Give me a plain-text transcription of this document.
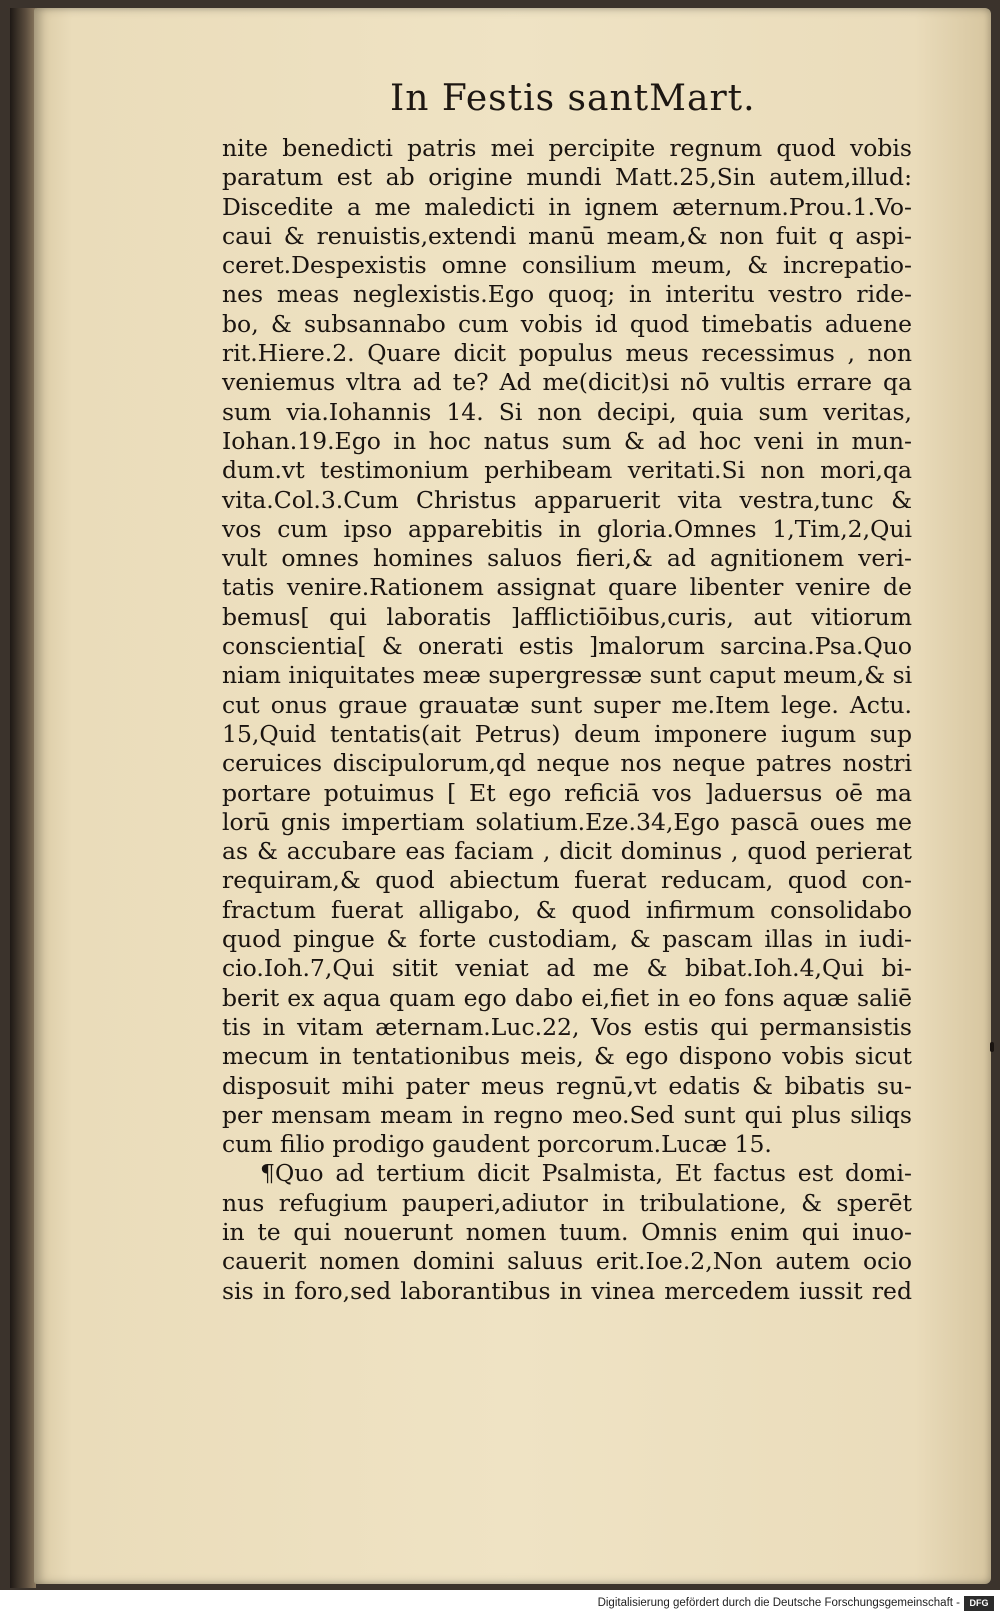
In Festis santMart.
nite benedicti patris mei percipite regnum quod vobis
paratum est ab origine mundi Matt.25,Sin autem,illud:
Discedite a me maledicti in ignem æternum.Prou.1.Vo-
caui & renuistis,extendi manū meam,& non fuit q aspi-
ceret.Despexistis omne consilium meum, & increpatio-
nes meas neglexistis.Ego quoq; in interitu vestro ride-
bo, & subsannabo cum vobis id quod timebatis aduene
rit.Hiere.2. Quare dicit populus meus recessimus , non
veniemus vltra ad te? Ad me(dicit)si nō vultis errare qa
sum via.Iohannis 14. Si non decipi, quia sum veritas,
Iohan.19.Ego in hoc natus sum & ad hoc veni in mun-
dum.vt testimonium perhibeam veritati.Si non mori,qa
vita.Col.3.Cum Christus apparuerit vita vestra,tunc &
vos cum ipso apparebitis in gloria.Omnes 1,Tim,2,Qui
vult omnes homines saluos fieri,& ad agnitionem veri-
tatis venire.Rationem assignat quare libenter venire de
bemus[ qui laboratis ]afflictiōibus,curis, aut vitiorum
conscientia[ & onerati estis ]malorum sarcina.Psa.Quo
niam iniquitates meæ supergressæ sunt caput meum,& si
cut onus graue grauatæ sunt super me.Item lege. Actu.
15,Quid tentatis(ait Petrus) deum imponere iugum sup
ceruices discipulorum,qd neque nos neque patres nostri
portare potuimus [ Et ego reficiā vos ]aduersus oē ma
lorū gnis impertiam solatium.Eze.34,Ego pascā oues me
as & accubare eas faciam , dicit dominus , quod perierat
requiram,& quod abiectum fuerat reducam, quod con-
fractum fuerat alligabo, & quod infirmum consolidabo
quod pingue & forte custodiam, & pascam illas in iudi-
cio.Ioh.7,Qui sitit veniat ad me & bibat.Ioh.4,Qui bi-
berit ex aqua quam ego dabo ei,fiet in eo fons aquæ saliē
tis in vitam æternam.Luc.22, Vos estis qui permansistis
mecum in tentationibus meis, & ego dispono vobis sicut
disposuit mihi pater meus regnū,vt edatis & bibatis su-
per mensam meam in regno meo.Sed sunt qui plus siliqs
cum filio prodigo gaudent porcorum.Lucæ 15.
¶Quo ad tertium dicit Psalmista, Et factus est domi-
nus refugium pauperi,adiutor in tribulatione, & sperēt
in te qui nouerunt nomen tuum. Omnis enim qui inuo-
cauerit nomen domini saluus erit.Ioe.2,Non autem ocio
sis in foro,sed laborantibus in vinea mercedem iussit red
Digitalisierung gefördert durch die Deutsche Forschungsgemeinschaft -	DFG
